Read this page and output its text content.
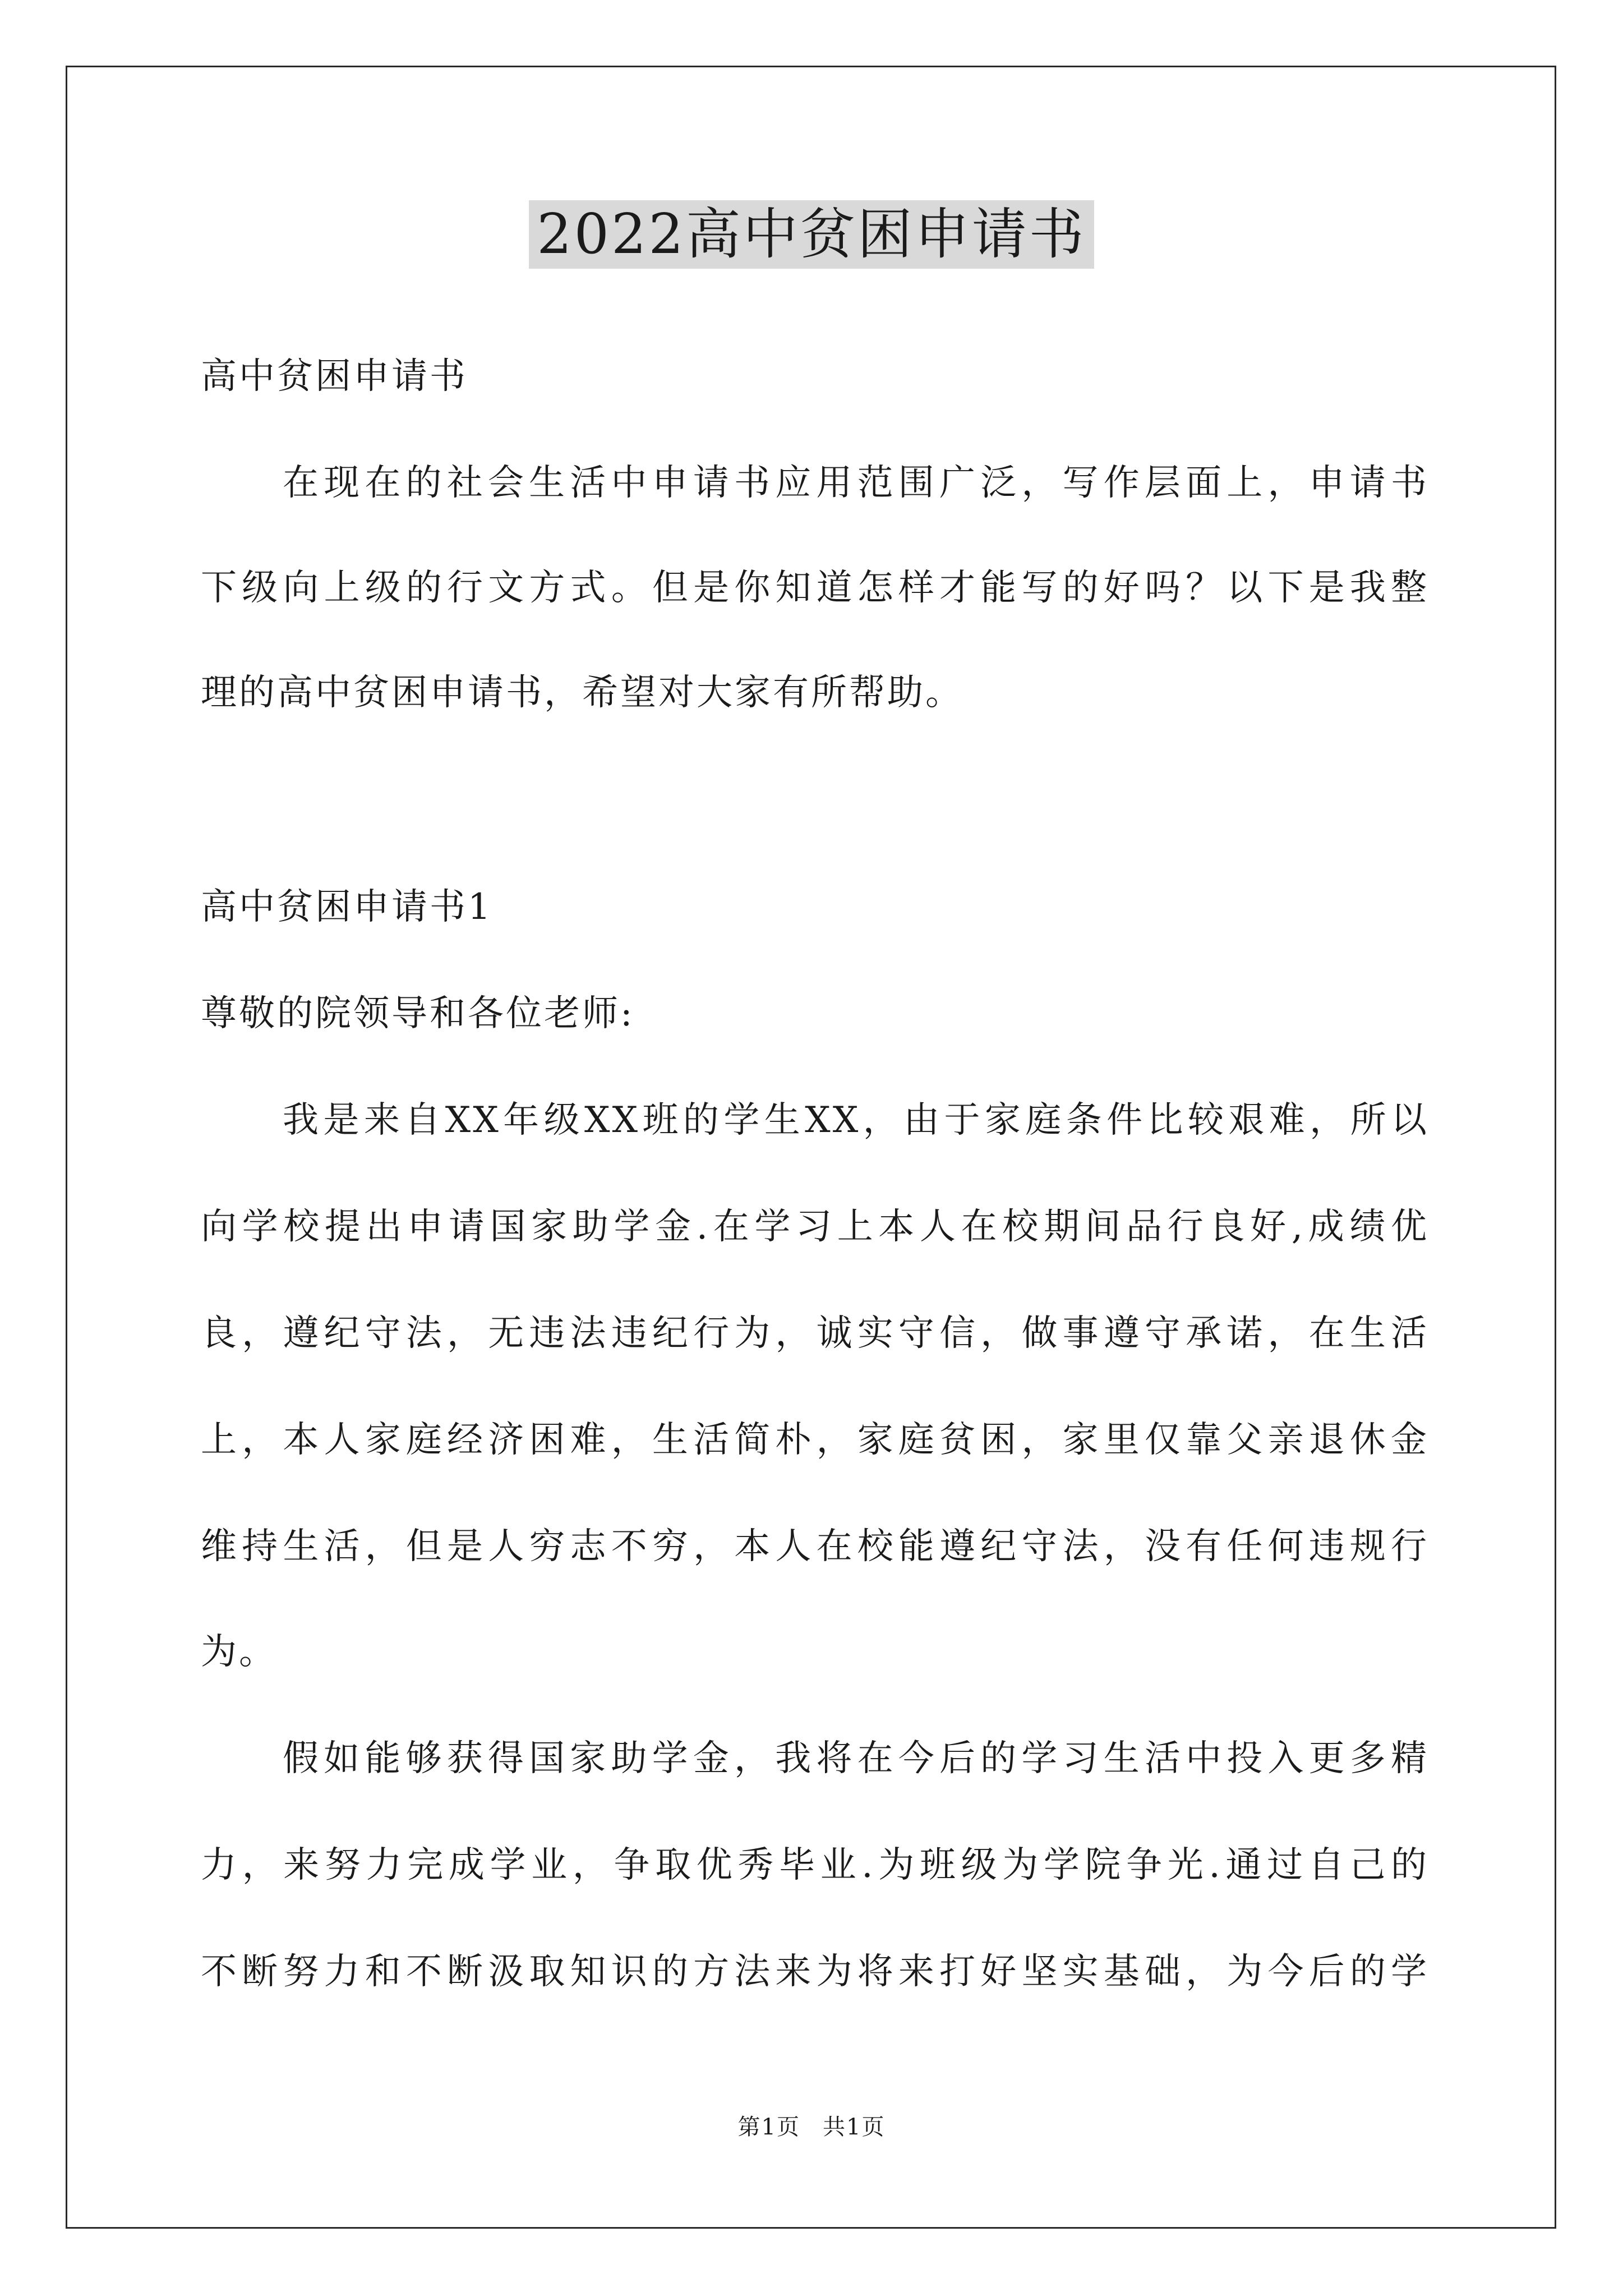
2022高中贫困申请书
高中贫困申请书
在现在的社会生活中申请书应用范围广泛，写作层面上，申请书
下级向上级的行文方式。但是你知道怎样才能写的好吗？以下是我整
理的高中贫困申请书，希望对大家有所帮助。
高中贫困申请书1
尊敬的院领导和各位老师:
我是来自XX年级XX班的学生XX，由于家庭条件比较艰难，所以
向学校提出申请国家助学金.在学习上本人在校期间品行良好,成绩优
良，遵纪守法，无违法违纪行为，诚实守信，做事遵守承诺，在生活
上，本人家庭经济困难，生活简朴，家庭贫困，家里仅靠父亲退休金
维持生活，但是人穷志不穷，本人在校能遵纪守法，没有任何违规行
为。
假如能够获得国家助学金，我将在今后的学习生活中投入更多精
力，来努力完成学业，争取优秀毕业.为班级为学院争光.通过自己的
不断努力和不断汲取知识的方法来为将来打好坚实基础，为今后的学
第1页 共1页
